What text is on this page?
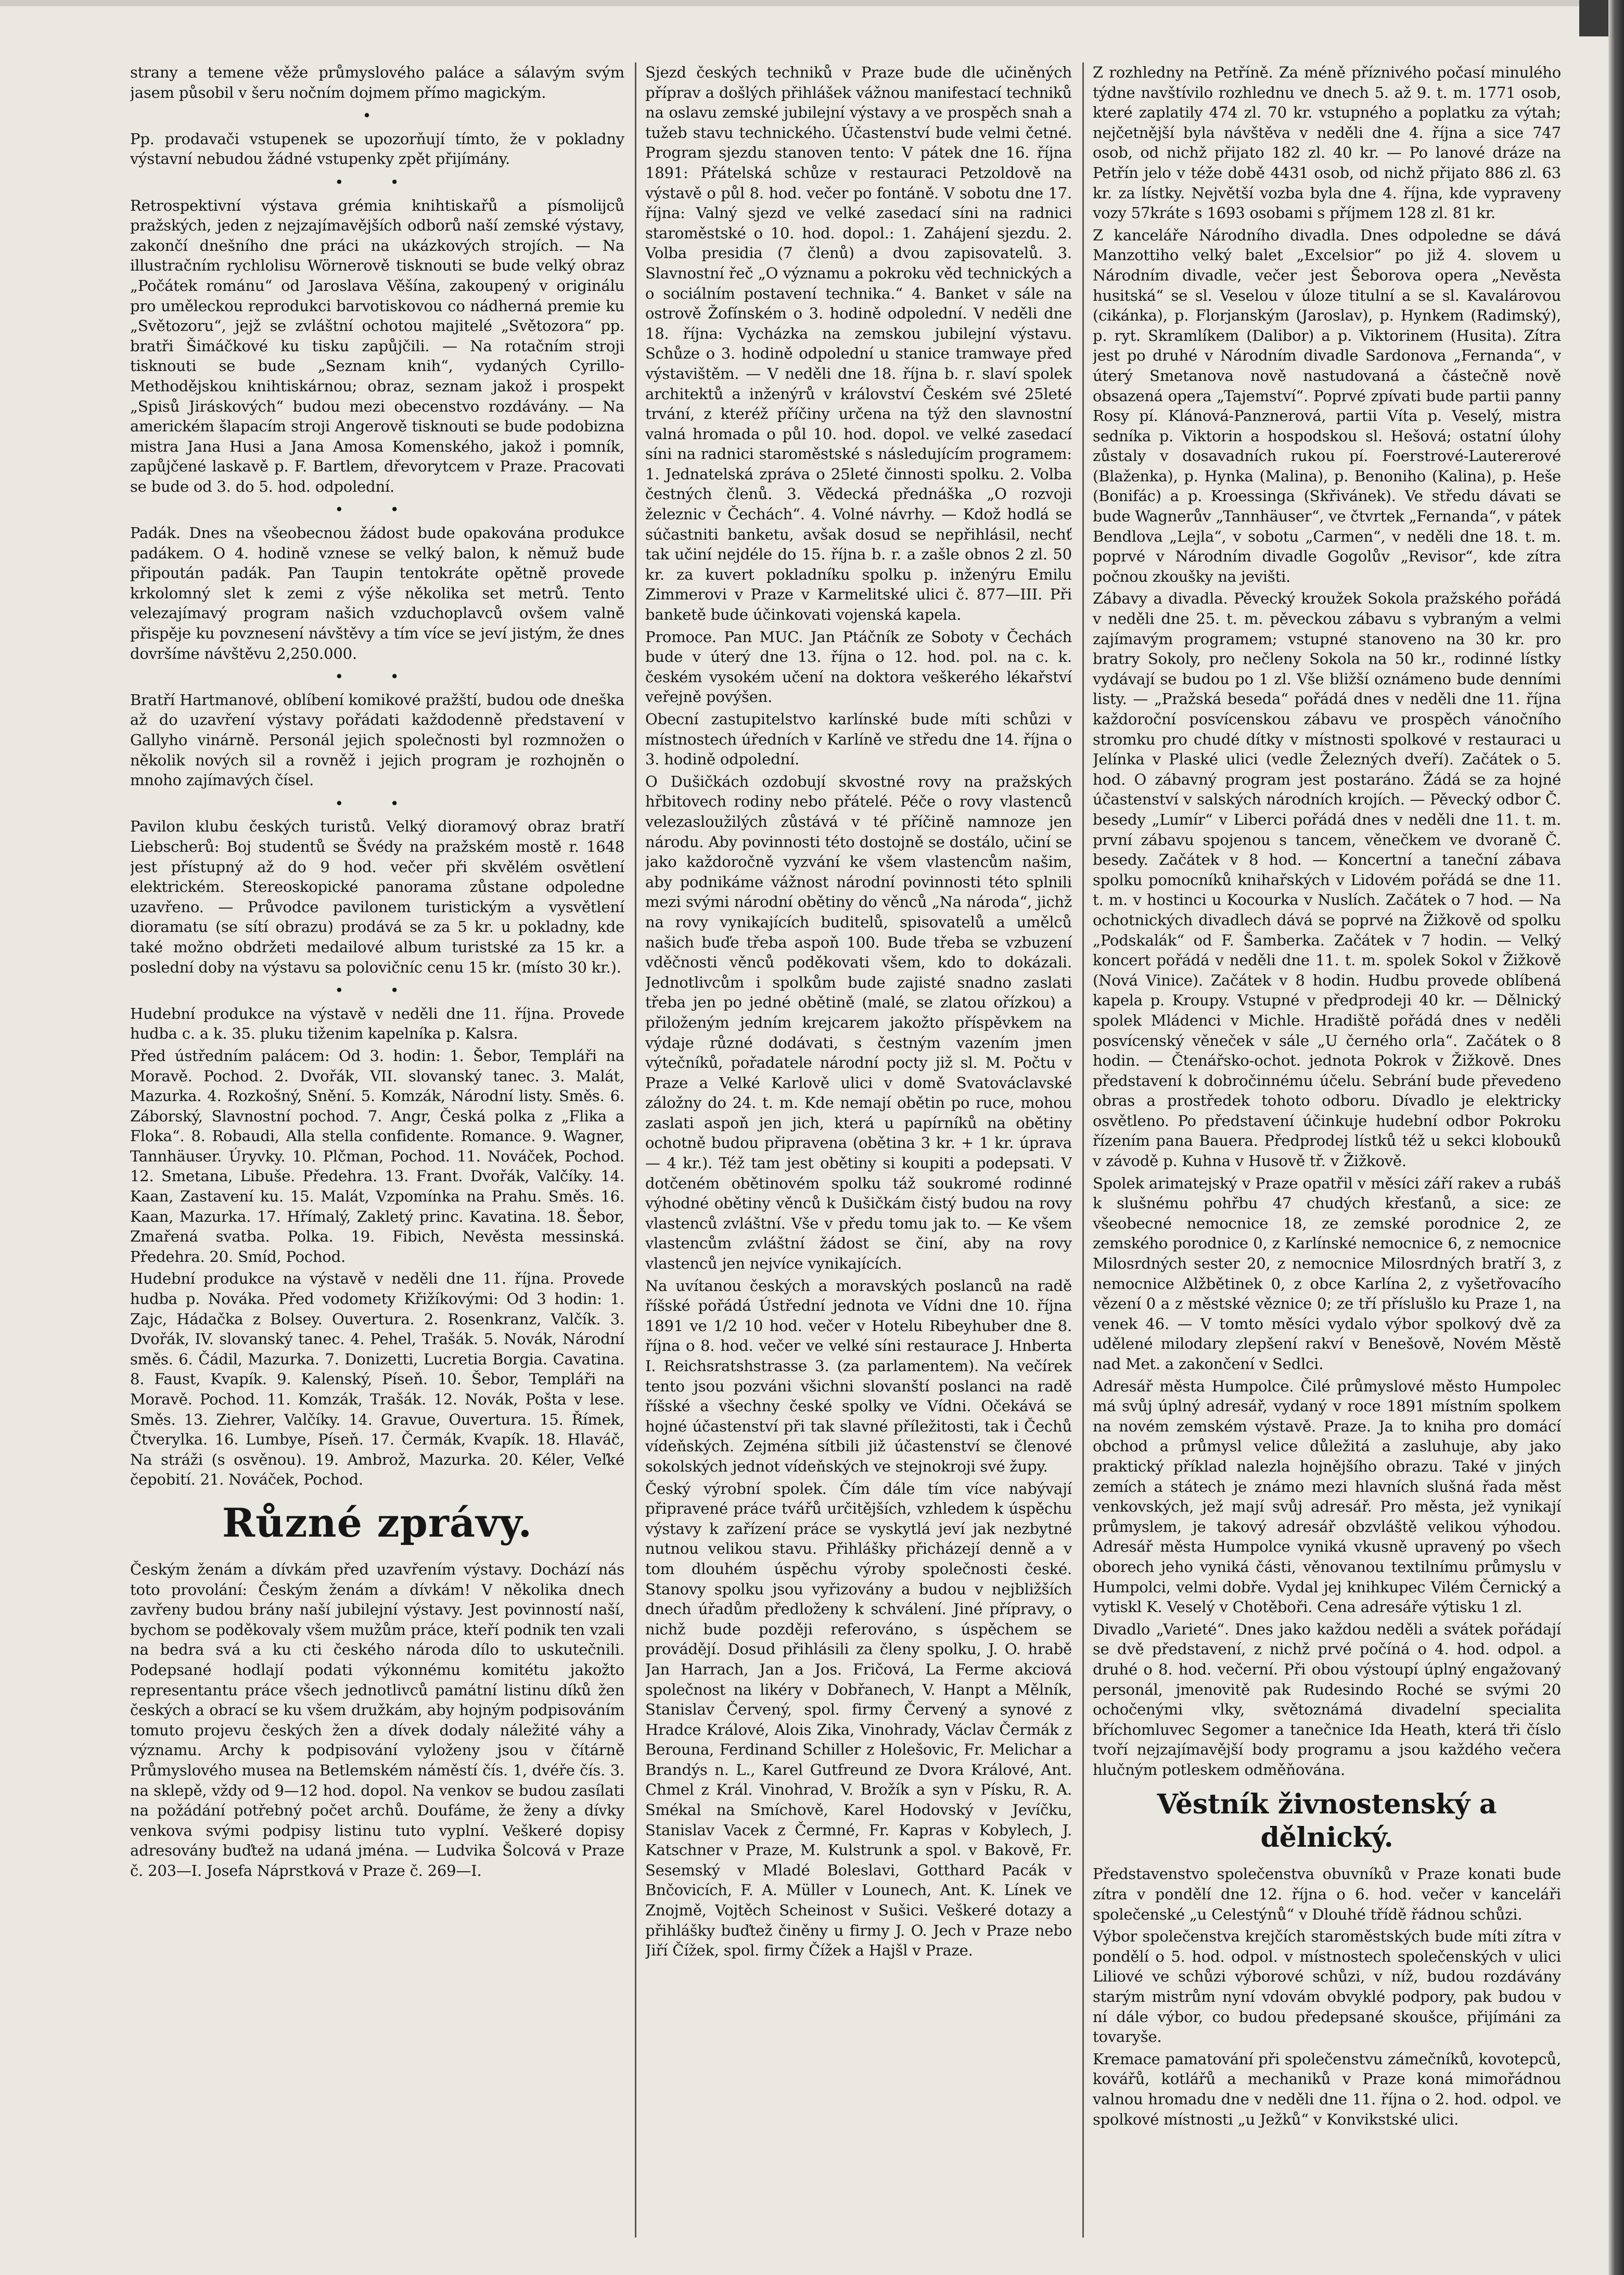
strany a temene věže průmyslového paláce a sálavým svým jasem působil v šeru nočním dojmem přímo magickým.

•

Pp. prodavači vstupenek se upozorňují tímto, že v pokladny výstavní nebudou žádné vstupenky zpět přijímány.

• •

Retrospektivní výstava grémia knihtiskařů a písmolijců pražských, jeden z nejzajímavějších odborů naší zemské výstavy, zakončí dnešního dne práci na ukázkových strojích. — Na illustračním rychlolisu Wörnerově tisknouti se bude velký obraz „Počátek románu“ od Jaroslava Věšína, zakoupený v originálu pro uměleckou reprodukci barvotiskovou co nádherná premie ku „Světozoru“, jejž se zvláštní ochotou majitelé „Světozora“ pp. bratři Šimáčkové ku tisku zapůjčili. — Na rotačním stroji tisknouti se bude „Seznam knih“, vydaných Cyrillo-Methodějskou knihtiskárnou; obraz, seznam jakož i prospekt „Spisů Jiráskových“ budou mezi obecenstvo rozdávány. — Na americkém šlapacím stroji Angerově tisknouti se bude podobizna mistra Jana Husi a Jana Amosa Komenského, jakož i pomník, zapůjčené laskavě p. F. Bartlem, dřevorytcem v Praze. Pracovati se bude od 3. do 5. hod. odpolední.

• •

Padák. Dnes na všeobecnou žádost bude opakována produkce padákem. O 4. hodině vznese se velký balon, k němuž bude připoután padák. Pan Taupin tentokráte opětně provede krkolomný slet k zemi z výše několika set metrů. Tento velezajímavý program našich vzduchoplavců ovšem valně přispěje ku povznesení návštěvy a tím více se jeví jistým, že dnes dovršíme návštěvu 2,250.000.

• •

Bratří Hartmanové, oblíbení komikové pražští, budou ode dneška až do uzavření výstavy pořádati každodenně představení v Gallyho vinárně. Personál jejich společnosti byl rozmnožen o několik nových sil a rovněž i jejich program je rozhojněn o mnoho zajímavých čísel.

• •

Pavilon klubu českých turistů. Velký dioramový obraz bratří Liebscherů: Boj studentů se Švédy na pražském mostě r. 1648 jest přístupný až do 9 hod. večer při skvělém osvětlení elektrickém. Stereoskopické panorama zůstane odpoledne uzavřeno. — Průvodce pavilonem turistickým a vysvětlení dioramatu (se sítí obrazu) prodává se za 5 kr. u pokladny, kde také možno obdržeti medailové album turistské za 15 kr. a poslední doby na výstavu sa polovičníc cenu 15 kr. (místo 30 kr.).

• •

Hudební produkce na výstavě v neděli dne 11. října. Provede hudba c. a k. 35. pluku tiženim kapelníka p. Kalsra.

Před ústředním palácem: Od 3. hodin: 1. Šebor, Templáři na Moravě. Pochod. 2. Dvořák, VII. slovanský tanec. 3. Malát, Mazurka. 4. Rozkošný, Snění. 5. Komzák, Národní listy. Směs. 6. Záborský, Slavnostní pochod. 7. Angr, Česká polka z „Flika a Floka“. 8. Robaudi, Alla stella confidente. Romance. 9. Wagner, Tannhäuser. Úryvky. 10. Plčman, Pochod. 11. Nováček, Pochod. 12. Smetana, Libuše. Předehra. 13. Frant. Dvořák, Valčíky. 14. Kaan, Zastavení ku. 15. Malát, Vzpomínka na Prahu. Směs. 16. Kaan, Mazurka. 17. Hřímalý, Zakletý princ. Kavatina. 18. Šebor, Zmařená svatba. Polka. 19. Fibich, Nevěsta messinská. Předehra. 20. Smíd, Pochod.

Hudební produkce na výstavě v neděli dne 11. října. Provede hudba p. Nováka. Před vodomety Křižíkovými: Od 3 hodin: 1. Zajc, Hádačka z Bolsey. Ouvertura. 2. Rosenkranz, Valčík. 3. Dvořák, IV. slovanský tanec. 4. Pehel, Trašák. 5. Novák, Národní směs. 6. Čádil, Mazurka. 7. Donizetti, Lucretia Borgia. Cavatina. 8. Faust, Kvapík. 9. Kalenský, Píseň. 10. Šebor, Templáři na Moravě. Pochod. 11. Komzák, Trašák. 12. Novák, Pošta v lese. Směs. 13. Ziehrer, Valčíky. 14. Gravue, Ouvertura. 15. Římek, Čtverylka. 16. Lumbye, Píseň. 17. Čermák, Kvapík. 18. Hlaváč, Na stráži (s osvěnou). 19. Ambrož, Mazurka. 20. Kéler, Veľké čepobití. 21. Nováček, Pochod.

Různé zprávy.

Českým ženám a dívkám před uzavřením výstavy. Dochází nás toto provolání: Českým ženám a dívkám! V několika dnech zavřeny budou brány naší jubilejní výstavy. Jest povinností naší, bychom se poděkovaly všem mužům práce, kteří podnik ten vzali na bedra svá a ku cti českého národa dílo to uskutečnili. Podepsané hodlají podati výkonnému komitétu jakožto representantu práce všech jednotlivců památní listinu díků žen českých a obrací se ku všem družkám, aby hojným podpisováním tomuto projevu českých žen a dívek dodaly náležité váhy a významu. Archy k podpisování vyloženy jsou v čítárně Průmyslového musea na Betlemském náměstí čís. 1, dvéře čís. 3. na sklepě, vždy od 9—12 hod. dopol. Na venkov se budou zasílati na požádání potřebný počet archů. Doufáme, že ženy a dívky venkova svými podpisy listinu tuto vyplní. Veškeré dopisy adresovány buďtež na udaná jména. — Ludvika Šolcová v Praze č. 203—I. Josefa Náprstková v Praze č. 269—I.

Sjezd českých techniků v Praze bude dle učiněných příprav a došlých přihlášek vážnou manifestací techniků na oslavu zemské jubilejní výstavy a ve prospěch snah a tužeb stavu technického. Účastenství bude velmi četné. Program sjezdu stanoven tento: V pátek dne 16. října 1891: Přátelská schůze v restauraci Petzoldově na výstavě o půl 8. hod. večer po fontáně. V sobotu dne 17. října: Valný sjezd ve velké zasedací síni na radnici staroměstské o 10. hod. dopol.: 1. Zahájení sjezdu. 2. Volba presidia (7 členů) a dvou zapisovatelů. 3. Slavnostní řeč „O významu a pokroku věd technických a o sociálním postavení technika.“ 4. Banket v sále na ostrově Žofínském o 3. hodině odpolední. V neděli dne 18. října: Vycházka na zemskou jubilejní výstavu. Schůze o 3. hodině odpolední u stanice tramwaye před výstavištěm. — V neděli dne 18. října b. r. slaví spolek architektů a inženýrů v království Českém své 25leté trvání, z kteréž příčiny určena na týž den slavnostní valná hromada o půl 10. hod. dopol. ve velké zasedací síni na radnici staroměstské s následujícím programem: 1. Jednatelská zpráva o 25leté činnosti spolku. 2. Volba čestných členů. 3. Vědecká přednáška „O rozvoji železnic v Čechách“. 4. Volné návrhy. — Kdož hodlá se súčastniti banketu, avšak dosud se nepřihlásil, nechť tak učiní nejdéle do 15. října b. r. a zašle obnos 2 zl. 50 kr. za kuvert pokladníku spolku p. inženýru Emilu Zimmerovi v Praze v Karmelitské ulici č. 877—III. Při banketě bude účinkovati vojenská kapela.

Promoce. Pan MUC. Jan Ptáčník ze Soboty v Čechách bude v úterý dne 13. října o 12. hod. pol. na c. k. českém vysokém učení na doktora veškerého lékařství veřejně povýšen.

Obecní zastupitelstvo karlínské bude míti schůzi v místnostech úředních v Karlíně ve středu dne 14. října o 3. hodině odpolední.

O Dušičkách ozdobují skvostné rovy na pražských hřbitovech rodiny nebo přátelé. Péče o rovy vlastenců velezasloužilých zůstává v té příčině namnoze jen národu. Aby povinnosti této dostojně se dostálo, učiní se jako každoročně vyzvání ke všem vlastencům našim, aby podnikáme vážnost národní povinnosti této splnili mezi svými národní obětiny do věnců „Na národa“, jichž na rovy vynikajících buditelů, spisovatelů a umělců našich buďe třeba aspoň 100. Bude třeba se vzbuzení vděčnosti věnců poděkovati všem, kdo to dokázali. Jednotlivcům i spolkům bude zajisté snadno zaslati třeba jen po jedné obětině (malé, se zlatou ořízkou) a přiloženým jedním krejcarem jakožto příspěvkem na výdaje různé dodávati, s čestným vazením jmen výtečníků, pořadatele národní pocty již sl. M. Počtu v Praze a Velké Karlově ulici v domě Svatováclavské záložny do 24. t. m. Kde nemají obětin po ruce, mohou zaslati aspoň jen jich, která u papírníků na obětiny ochotně budou připravena (obětina 3 kr. + 1 kr. úprava — 4 kr.). Též tam jest obětiny si koupiti a podepsati. V dotčeném obětinovém spolku táž soukromé rodinné výhodné obětiny věnců k Dušičkám čistý budou na rovy vlastenců zvláštní. Vše v předu tomu jak to. — Ke všem vlastencům zvláštní žádost se činí, aby na rovy vlastenců jen nejvíce vynikajících.

Na uvítanou českých a moravských poslanců na radě říšské pořádá Ústřední jednota ve Vídni dne 10. října 1891 ve 1/2 10 hod. večer v Hotelu Ribeyhuber dne 8. října o 8. hod. večer ve velké síni restaurace J. Hnberta I. Reichsratshstrasse 3. (za parlamentem). Na večírek tento jsou pozváni všichni slovanští poslanci na radě říšské a všechny české spolky ve Vídni. Očekává se hojné účastenství při tak slavné příležitosti, tak i Čechů vídeňských. Zejména sítbili již účastenství se členové sokolských jednot vídeňských ve stejnokroji své župy.

Český výrobní spolek. Čím dále tím více nabývají připravené práce tvářů určitějších, vzhledem k úspěchu výstavy k zařízení práce se vyskytlá jeví jak nezbytné nutnou velikou stavu. Přihlášky přicházejí denně a v tom dlouhém úspěchu výroby společnosti české. Stanovy spolku jsou vyřizovány a budou v nejbližších dnech úřadům předloženy k schválení. Jiné přípravy, o nichž bude později referováno, s úspěchem se provádějí. Dosud přihlásili za členy spolku, J. O. hrabě Jan Harrach, Jan a Jos. Fričová, La Ferme akciová společnost na likéry v Dobřanech, V. Hanpt a Mělník, Stanislav Červený, spol. firmy Červený a synové z Hradce Králové, Alois Zika, Vinohrady, Václav Čermák z Berouna, Ferdinand Schiller z Holešovic, Fr. Melichar a Brandýs n. L., Karel Gutfreund ze Dvora Králové, Ant. Chmel z Král. Vinohrad, V. Brožík a syn v Písku, R. A. Smékal na Smíchově, Karel Hodovský v Jevíčku, Stanislav Vacek z Čermné, Fr. Kapras v Kobylech, J. Katschner v Praze, M. Kulstrunk a spol. v Bakově, Fr. Sesemský v Mladé Boleslavi, Gotthard Pacák v Bnčovicích, F. A. Müller v Lounech, Ant. K. Línek ve Znojmě, Vojtěch Scheinost v Sušici. Veškeré dotazy a přihlášky buďtež činěny u firmy J. O. Jech v Praze nebo Jiří Čížek, spol. firmy Čížek a Hajšl v Praze.

Z rozhledny na Petříně. Za méně příznivého počasí minulého týdne navštívilo rozhlednu ve dnech 5. až 9. t. m. 1771 osob, které zaplatily 474 zl. 70 kr. vstupného a poplatku za výtah; nejčetnější byla návštěva v neděli dne 4. října a sice 747 osob, od nichž přijato 182 zl. 40 kr. — Po lanové dráze na Petřín jelo v téže době 4431 osob, od nichž přijato 886 zl. 63 kr. za lístky. Největší vozba byla dne 4. října, kde vypraveny vozy 57kráte s 1693 osobami s příjmem 128 zl. 81 kr.

Z kanceláře Národního divadla. Dnes odpoledne se dává Manzottiho velký balet „Excelsior“ po již 4. slovem u Národním divadle, večer jest Šeborova opera „Nevěsta husitská“ se sl. Veselou v úloze titulní a se sl. Kavalárovou (cikánka), p. Florjanským (Jaroslav), p. Hynkem (Radimský), p. ryt. Skramlíkem (Dalibor) a p. Viktorinem (Husita). Zítra jest po druhé v Národním divadle Sardonova „Fernanda“, v úterý Smetanova nově nastudovaná a částečně nově obsazená opera „Tajemství“. Poprvé zpívati bude partii panny Rosy pí. Klánová-Panznerová, partii Víta p. Veselý, mistra sedníka p. Viktorin a hospodskou sl. Hešová; ostatní úlohy zůstaly v dosavadních rukou pí. Foerstrové-Lautererové (Blaženka), p. Hynka (Malina), p. Benoniho (Kalina), p. Heše (Bonifác) a p. Kroessinga (Skřivánek). Ve středu dávati se bude Wagnerův „Tannhäuser“, ve čtvrtek „Fernanda“, v pátek Bendlova „Lejla“, v sobotu „Carmen“, v neděli dne 18. t. m. poprvé v Národním divadle Gogolův „Revisor“, kde zítra počnou zkoušky na jevišti.

Zábavy a divadla. Pěvecký kroužek Sokola pražského pořádá v neděli dne 25. t. m. pěveckou zábavu s vybraným a velmi zajímavým programem; vstupné stanoveno na 30 kr. pro bratry Sokoly, pro nečleny Sokola na 50 kr., rodinné lístky vydávají se budou po 1 zl. Vše bližší oznámeno bude denními listy. — „Pražská beseda“ pořádá dnes v neděli dne 11. října každoroční posvícenskou zábavu ve prospěch vánočního stromku pro chudé dítky v místnosti spolkové v restauraci u Jelínka v Plaské ulici (vedle Železných dveří). Začátek o 5. hod. O zábavný program jest postaráno. Žádá se za hojné účastenství v salských národních krojích. — Pěvecký odbor Č. besedy „Lumír“ v Liberci pořádá dnes v neděli dne 11. t. m. první zábavu spojenou s tancem, věnečkem ve dvoraně Č. besedy. Začátek v 8 hod. — Koncertní a taneční zábava spolku pomocníků knihařských v Lidovém pořádá se dne 11. t. m. v hostinci u Kocourka v Nuslích. Začátek o 7 hod. — Na ochotnických divadlech dává se poprvé na Žižkově od spolku „Podskalák“ od F. Šamberka. Začátek v 7 hodin. — Velký koncert pořádá v neděli dne 11. t. m. spolek Sokol v Žižkově (Nová Vinice). Začátek v 8 hodin. Hudbu provede oblíbená kapela p. Kroupy. Vstupné v předprodeji 40 kr. — Dělnický spolek Mládenci v Michle. Hradiště pořádá dnes v neděli posvícenský věneček v sále „U černého orla“. Začátek o 8 hodin. — Čtenářsko-ochot. jednota Pokrok v Žižkově. Dnes představení k dobročinnému účelu. Sebrání bude převedeno obras a prostředek tohoto odboru. Dívadlo je elektricky osvětleno. Po představení účinkuje hudební odbor Pokroku řízením pana Bauera. Předprodej lístků též u sekci klobouků v závodě p. Kuhna v Husově tř. v Žižkově.

Spolek arimatejský v Praze opatřil v měsíci září rakev a rubáš k slušnému pohřbu 47 chudých křesťanů, a sice: ze všeobecné nemocnice 18, ze zemské porodnice 2, ze zemského porodnice 0, z Karlínské nemocnice 6, z nemocnice Milosrdných sester 20, z nemocnice Milosrdných bratří 3, z nemocnice Alžbětinek 0, z obce Karlína 2, z vyšetřovacího vězení 0 a z městské věznice 0; ze tří příslušlo ku Praze 1, na venek 46. — V tomto měsíci vydalo výbor spolkový dvě za udělené milodary zlepšení rakví v Benešově, Novém Městě nad Met. a zakončení v Sedlci.

Adresář města Humpolce. Čilé průmyslové město Humpolec má svůj úplný adresář, vydaný v roce 1891 místním spolkem na novém zemském výstavě. Praze. Ja to kniha pro domácí obchod a průmysl velice důležitá a zasluhuje, aby jako praktický příklad nalezla hojnějšího obrazu. Také v jiných zemích a státech je známo mezi hlavních slušná řada měst venkovských, jež mají svůj adresář. Pro města, jež vynikají průmyslem, je takový adresář obzvláště velikou výhodou. Adresář města Humpolce vyniká vkusně upravený po všech oborech jeho vyniká části, věnovanou textilnímu průmyslu v Humpolci, velmi dobře. Vydal jej knihkupec Vilém Černický a vytiskl K. Veselý v Chotěboři. Cena adresáře výtisku 1 zl.

Divadlo „Varieté“. Dnes jako každou neděli a svátek pořádají se dvě představení, z nichž prvé počíná o 4. hod. odpol. a druhé o 8. hod. večerní. Při obou výstoupí úplný engažovaný personál, jmenovitě pak Rudesindo Roché se svými 20 ochočenými vlky, světoznámá divadelní specialita bříchomluvec Segomer a tanečnice Ida Heath, která tři číslo tvoří nejzajímavější body programu a jsou každého večera hlučným potleskem odměňována.

Věstník živnostenský a dělnický.

Představenstvo společenstva obuvníků v Praze konati bude zítra v pondělí dne 12. října o 6. hod. večer v kanceláři společenské „u Celestýnů“ v Dlouhé třídě řádnou schůzi.

Výbor společenstva krejčích staroměstských bude míti zítra v pondělí o 5. hod. odpol. v místnostech společenských v ulici Liliové ve schůzi výborové schůzi, v níž, budou rozdávány starým mistrům nyní vdovám obvyklé podpory, pak budou v ní dále výbor, co budou předepsané skoušce, přijímáni za tovaryše.

Kremace pamatování při společenstvu zámečníků, kovotepců, kovářů, kotlářů a mechaniků v Praze koná mimořádnou valnou hromadu dne v neděli dne 11. října o 2. hod. odpol. ve spolkové místnosti „u Ježků“ v Konvikstské ulici.
